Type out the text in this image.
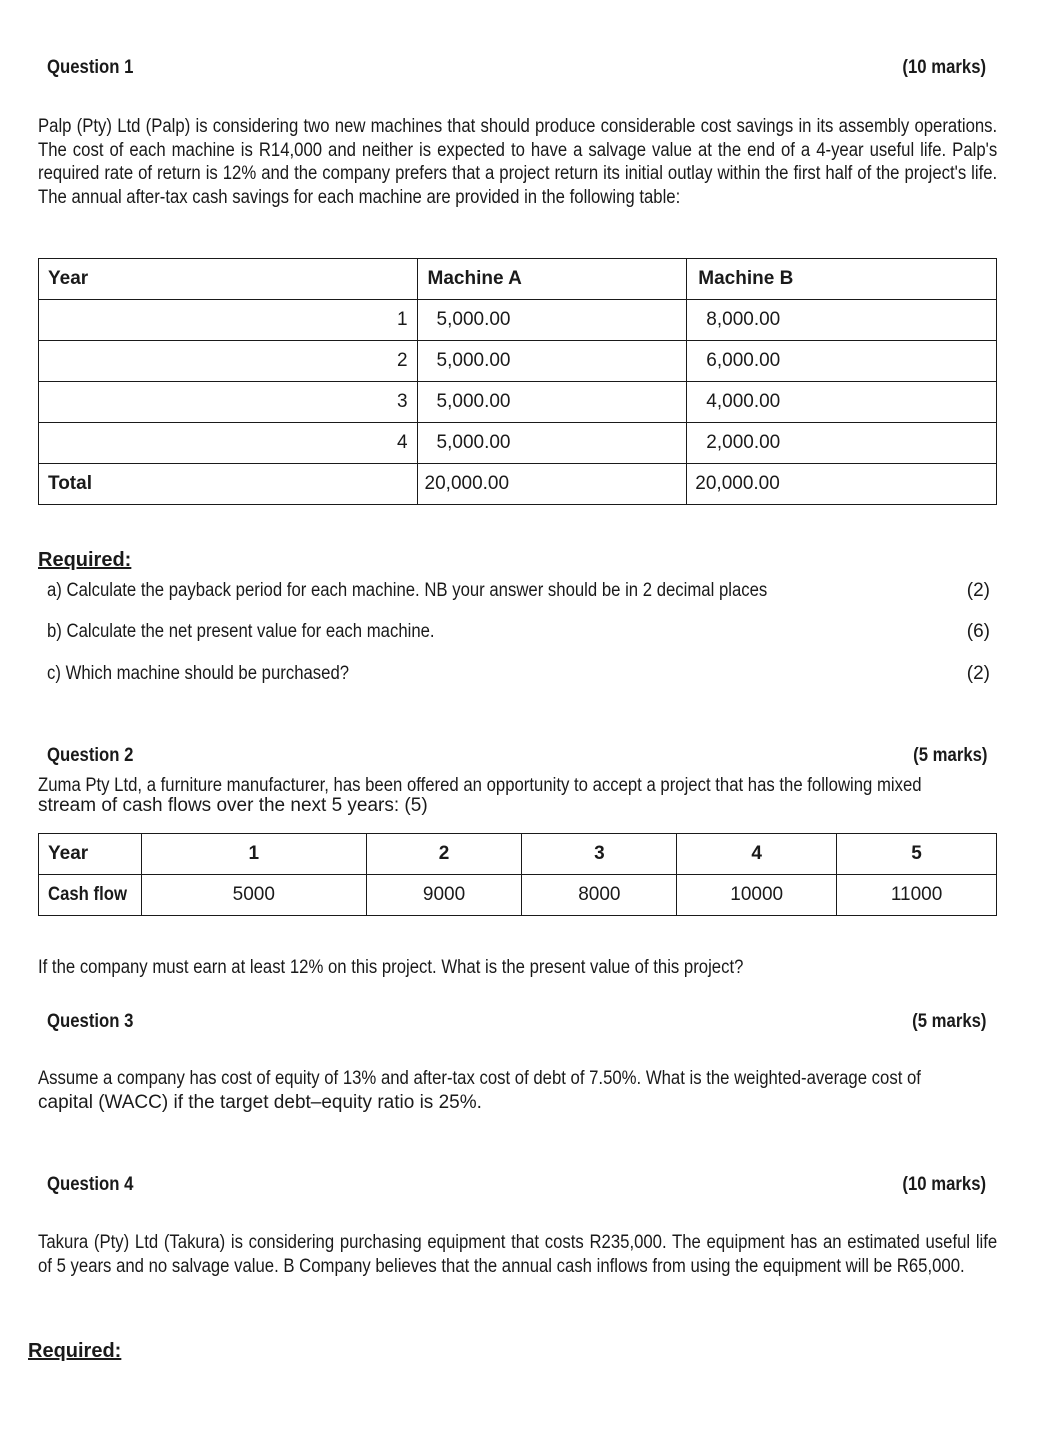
Question 1	(10 marks)
Palp (Pty) Ltd (Palp) is considering two new machines that should produce considerable cost savings in its assembly operations. The cost of each machine is R14,000 and neither is expected to have a salvage value at the end of a 4-year useful life. Palp's required rate of return is 12% and the company prefers that a project return its initial outlay within the first half of the project's life. The annual after-tax cash savings for each machine are provided in the following table:
Year	Machine A	Machine B
1	5,000.00	8,000.00
2	5,000.00	6,000.00
3	5,000.00	4,000.00
4	5,000.00	2,000.00
Total	20,000.00	20,000.00
Required:
a) Calculate the payback period for each machine. NB your answer should be in 2 decimal places	(2)
b) Calculate the net present value for each machine.	(6)
c) Which machine should be purchased?	(2)
Question 2	(5 marks)
Zuma Pty Ltd, a furniture manufacturer, has been offered an opportunity to accept a project that has the following mixed
stream of cash flows over the next 5 years: (5)
Year	1	2	3	4	5
Cash flow	5000	9000	8000	10000	11000
If the company must earn at least 12% on this project. What is the present value of this project?
Question 3	(5 marks)
Assume a company has cost of equity of 13% and after-tax cost of debt of 7.50%. What is the weighted-average cost of
capital (WACC) if the target debt–equity ratio is 25%.
Question 4	(10 marks)
Takura (Pty) Ltd (Takura) is considering purchasing equipment that costs R235,000. The equipment has an estimated useful life of 5 years and no salvage value. B Company believes that the annual cash inflows from using the equipment will be R65,000.
Required:
